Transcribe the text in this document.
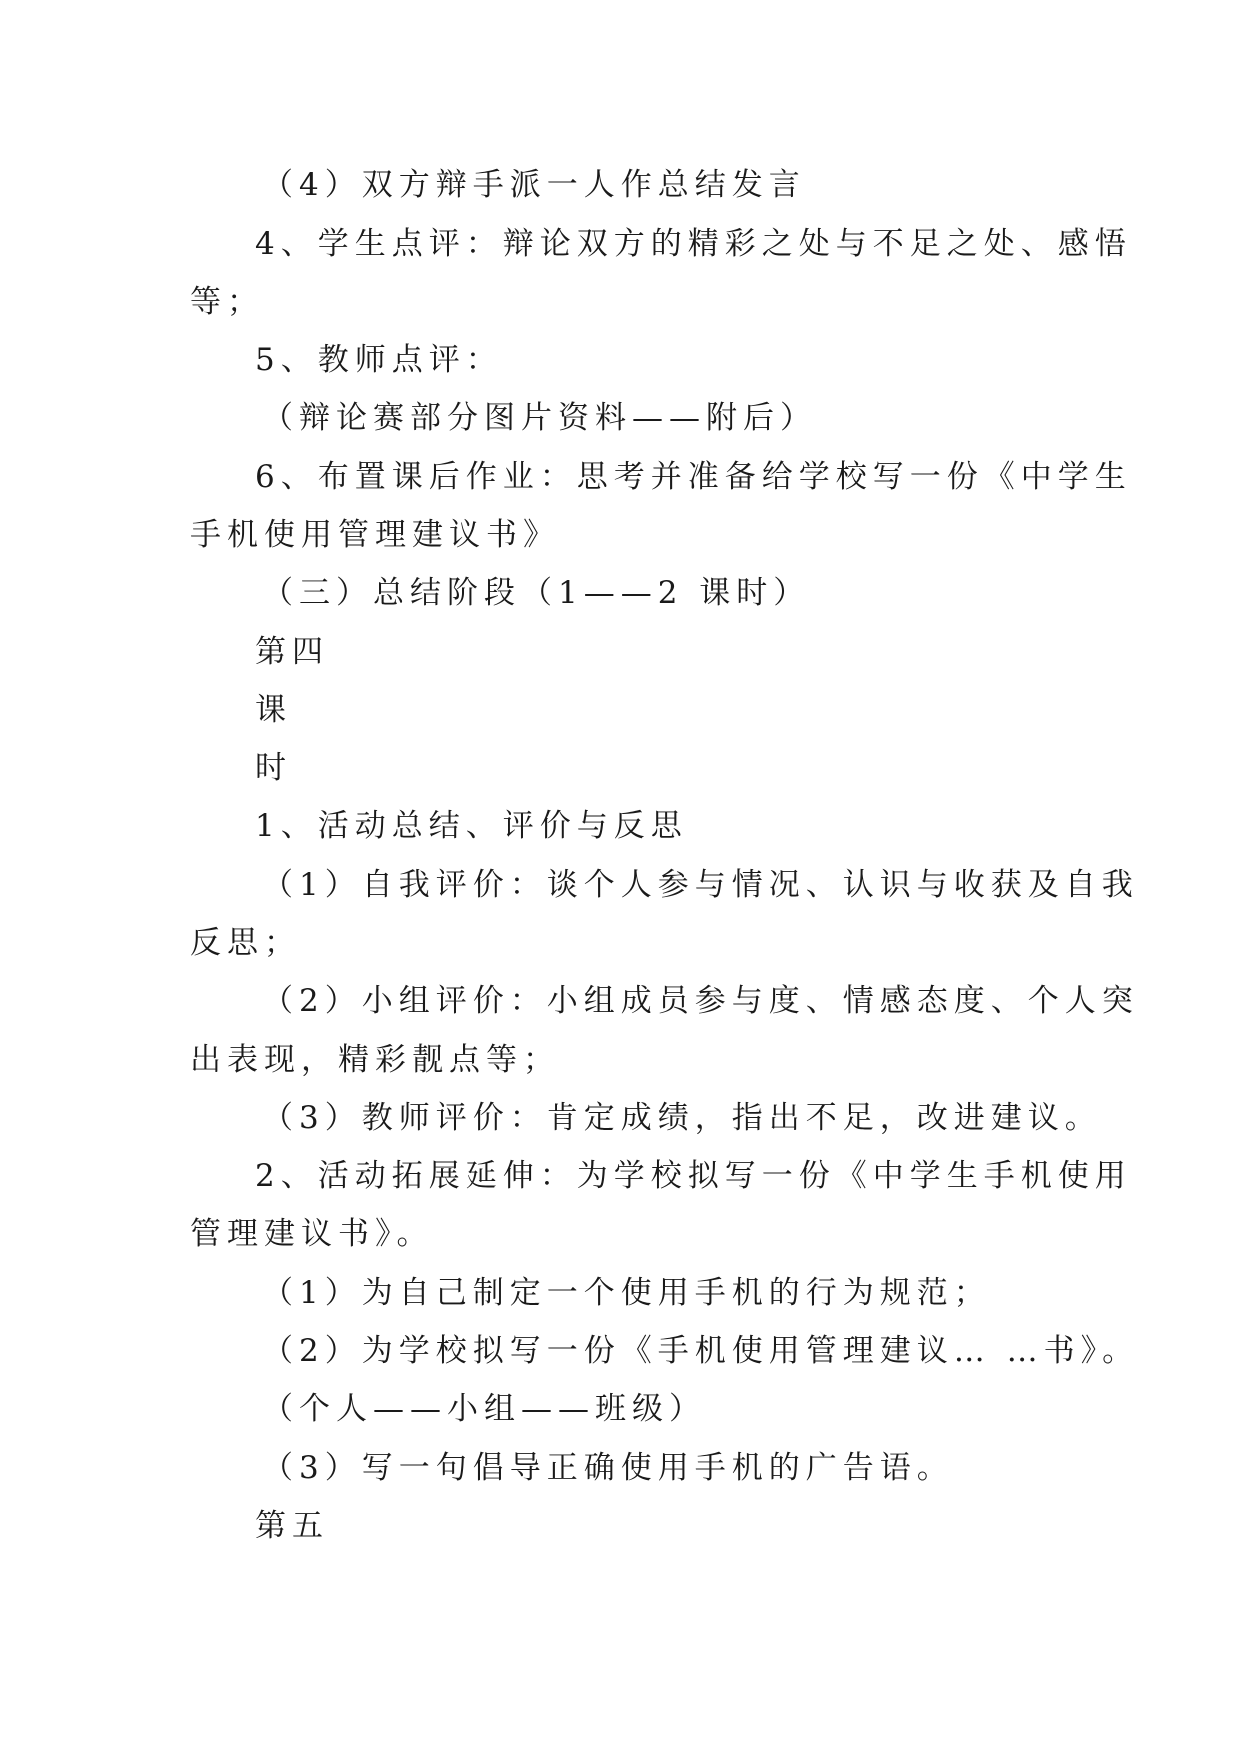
（4）双方辩手派一人作总结发言
4、学生点评：辩论双方的精彩之处与不足之处、感悟
等；
5、教师点评：
（辩论赛部分图片资料——附后）
6、布置课后作业：思考并准备给学校写一份《中学生
手机使用管理建议书》
（三）总结阶段（1——2 课时）
第四
课
时
1、活动总结、评价与反思
（1）自我评价：谈个人参与情况、认识与收获及自我
反思；
（2）小组评价：小组成员参与度、情感态度、个人突
出表现，精彩靓点等；
（3）教师评价：肯定成绩，指出不足，改进建议。
2、活动拓展延伸：为学校拟写一份《中学生手机使用
管理建议书》。
（1）为自己制定一个使用手机的行为规范；
（2）为学校拟写一份《手机使用管理建议… …书》。
（个人——小组——班级）
（3）写一句倡导正确使用手机的广告语。
第五
